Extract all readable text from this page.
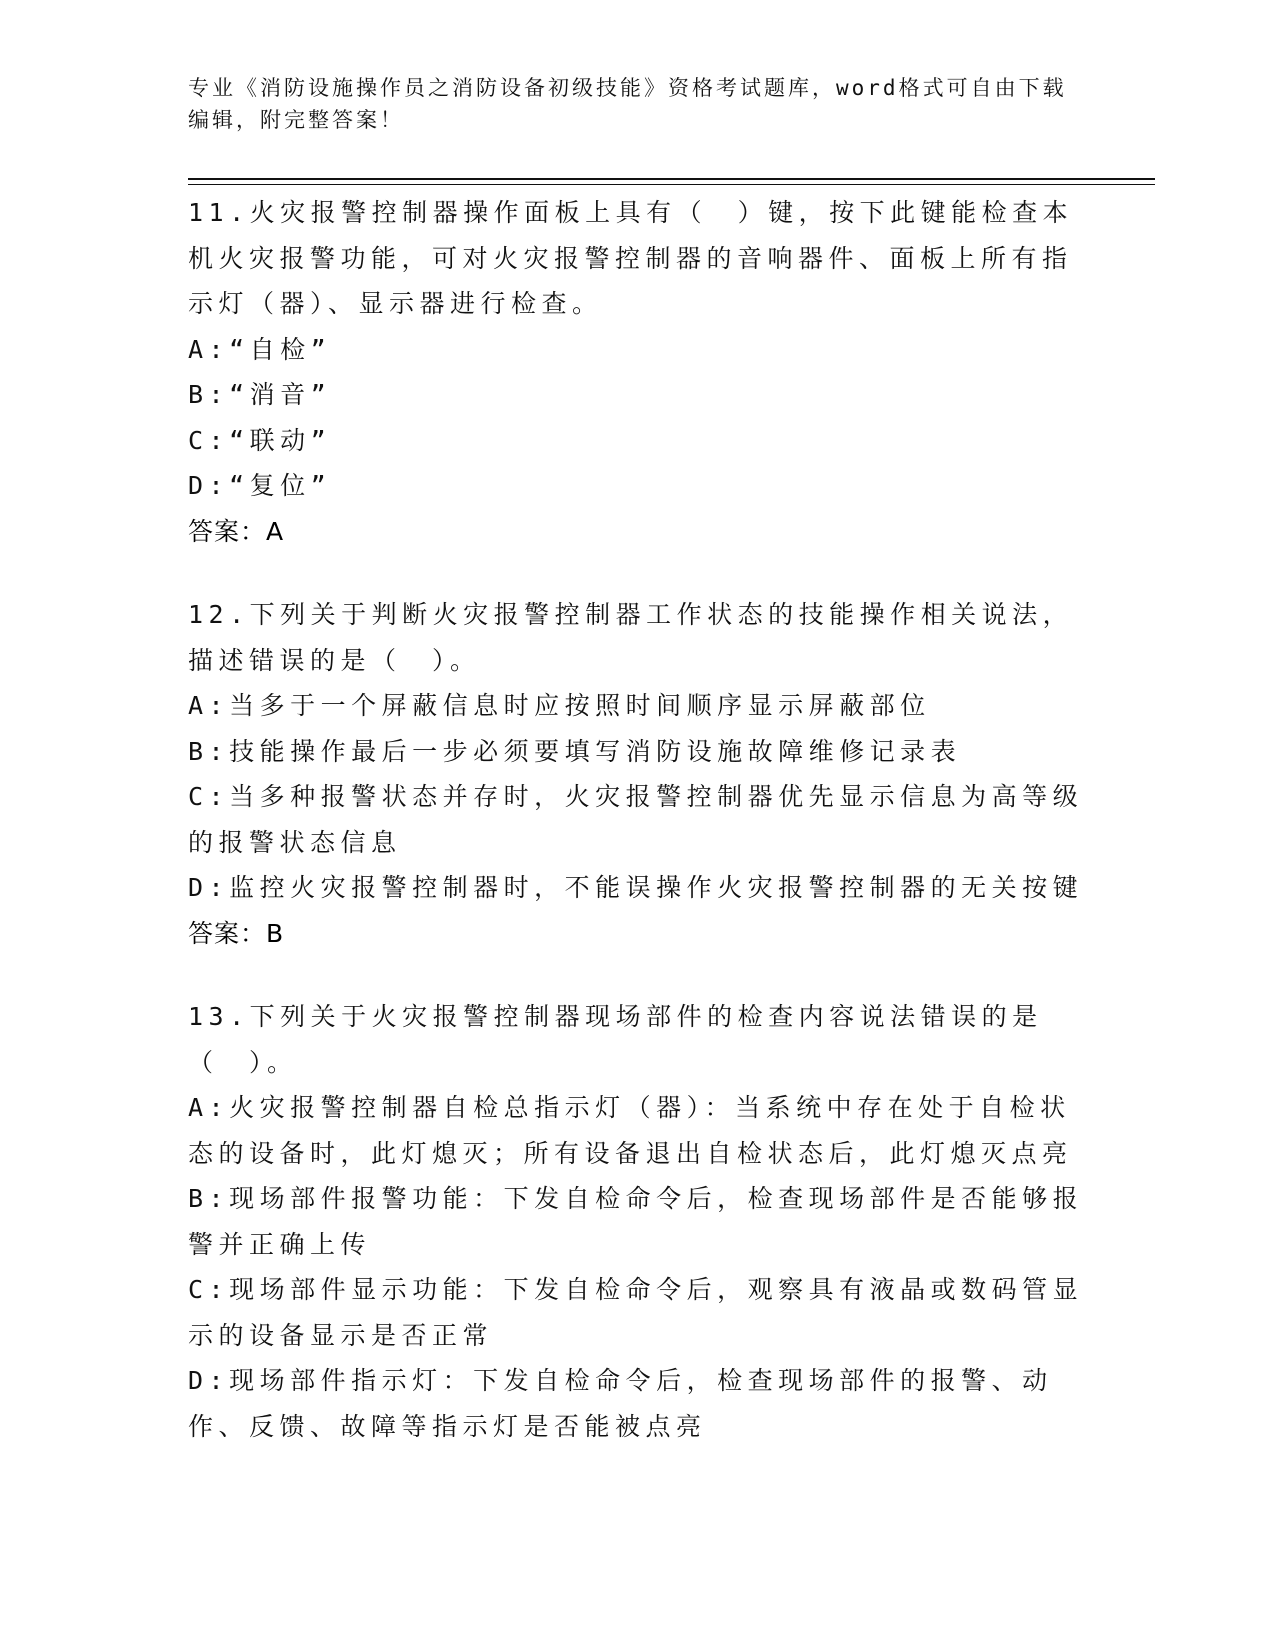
专业《消防设施操作员之消防设备初级技能》资格考试题库，word格式可自由下载编辑，附完整答案！
11.火灾报警控制器操作面板上具有（　）键，按下此键能检查本机火灾报警功能，可对火灾报警控制器的音响器件、面板上所有指示灯（器）、显示器进行检查。
A:“自检”
B:“消音”
C:“联动”
D:“复位”
答案：A
12.下列关于判断火灾报警控制器工作状态的技能操作相关说法，描述错误的是（　）。
A:当多于一个屏蔽信息时应按照时间顺序显示屏蔽部位
B:技能操作最后一步必须要填写消防设施故障维修记录表
C:当多种报警状态并存时，火灾报警控制器优先显示信息为高等级的报警状态信息
D:监控火灾报警控制器时，不能误操作火灾报警控制器的无关按键
答案：B
13.下列关于火灾报警控制器现场部件的检查内容说法错误的是（　）。
A:火灾报警控制器自检总指示灯（器）：当系统中存在处于自检状态的设备时，此灯熄灭；所有设备退出自检状态后，此灯熄灭点亮
B:现场部件报警功能：下发自检命令后，检查现场部件是否能够报警并正确上传
C:现场部件显示功能：下发自检命令后，观察具有液晶或数码管显示的设备显示是否正常
D:现场部件指示灯：下发自检命令后，检查现场部件的报警、动作、反馈、故障等指示灯是否能被点亮
